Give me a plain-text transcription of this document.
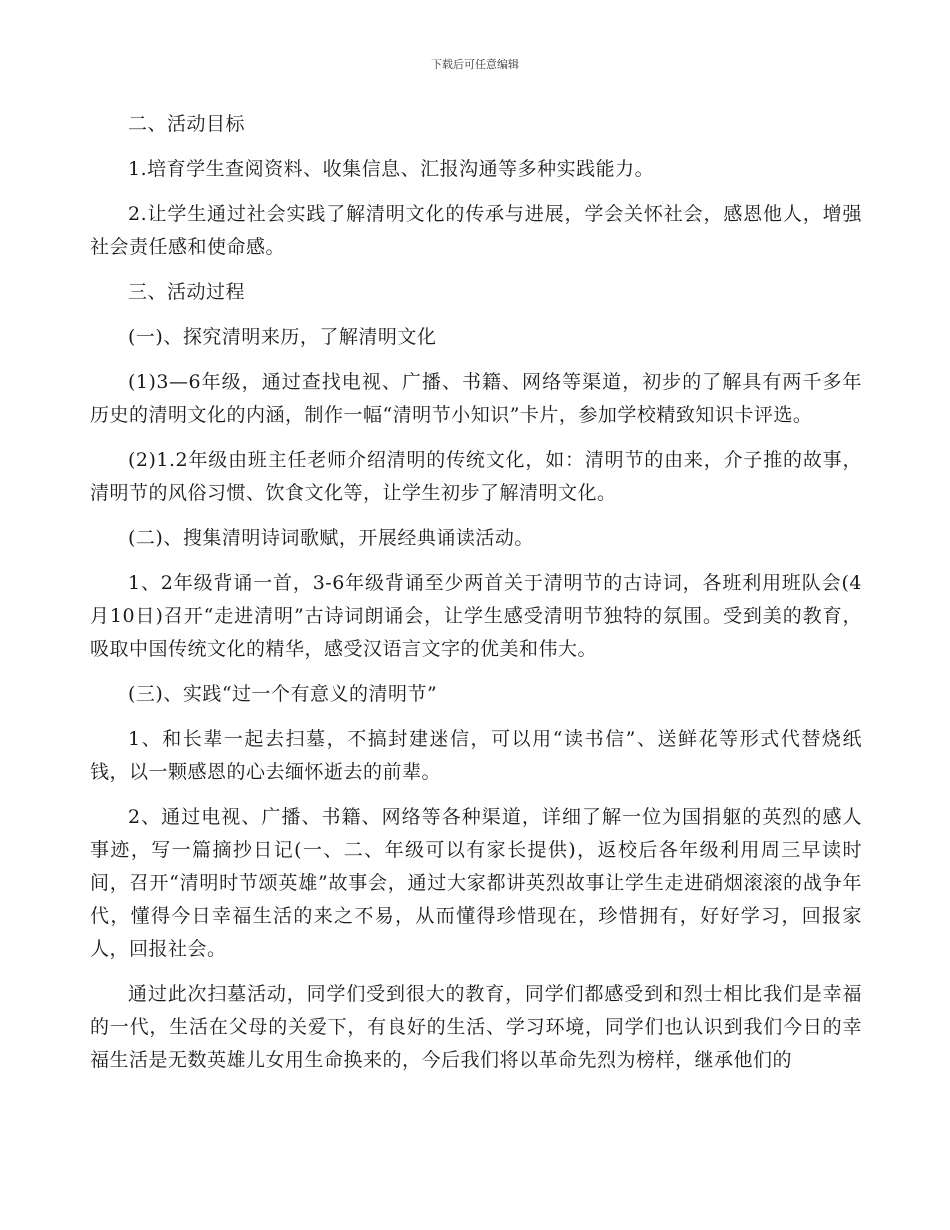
下载后可任意编辑

二、活动目标

1.培育学生查阅资料、收集信息、汇报沟通等多种实践能力。

2.让学生通过社会实践了解清明文化的传承与进展，学会关怀社会，感恩他人，增强社会责任感和使命感。

三、活动过程

(一)、探究清明来历，了解清明文化

(1)3—6年级，通过查找电视、广播、书籍、网络等渠道，初步的了解具有两千多年历史的清明文化的内涵，制作一幅“清明节小知识”卡片，参加学校精致知识卡评选。

(2)1.2年级由班主任老师介绍清明的传统文化，如：清明节的由来，介子推的故事，清明节的风俗习惯、饮食文化等，让学生初步了解清明文化。

(二)、搜集清明诗词歌赋，开展经典诵读活动。

1、2年级背诵一首，3-6年级背诵至少两首关于清明节的古诗词，各班利用班队会(4月10日)召开“走进清明”古诗词朗诵会，让学生感受清明节独特的氛围。受到美的教育，吸取中国传统文化的精华，感受汉语言文字的优美和伟大。

(三)、实践“过一个有意义的清明节”

1、和长辈一起去扫墓，不搞封建迷信，可以用“读书信”、送鲜花等形式代替烧纸钱，以一颗感恩的心去缅怀逝去的前辈。

2、通过电视、广播、书籍、网络等各种渠道，详细了解一位为国捐躯的英烈的感人事迹，写一篇摘抄日记(一、二、年级可以有家长提供)，返校后各年级利用周三早读时间，召开“清明时节颂英雄”故事会，通过大家都讲英烈故事让学生走进硝烟滚滚的战争年代，懂得今日幸福生活的来之不易，从而懂得珍惜现在，珍惜拥有，好好学习，回报家人，回报社会。

通过此次扫墓活动，同学们受到很大的教育，同学们都感受到和烈士相比我们是幸福的一代，生活在父母的关爱下，有良好的生活、学习环境，同学们也认识到我们今日的幸福生活是无数英雄儿女用生命换来的，今后我们将以革命先烈为榜样，继承他们的
